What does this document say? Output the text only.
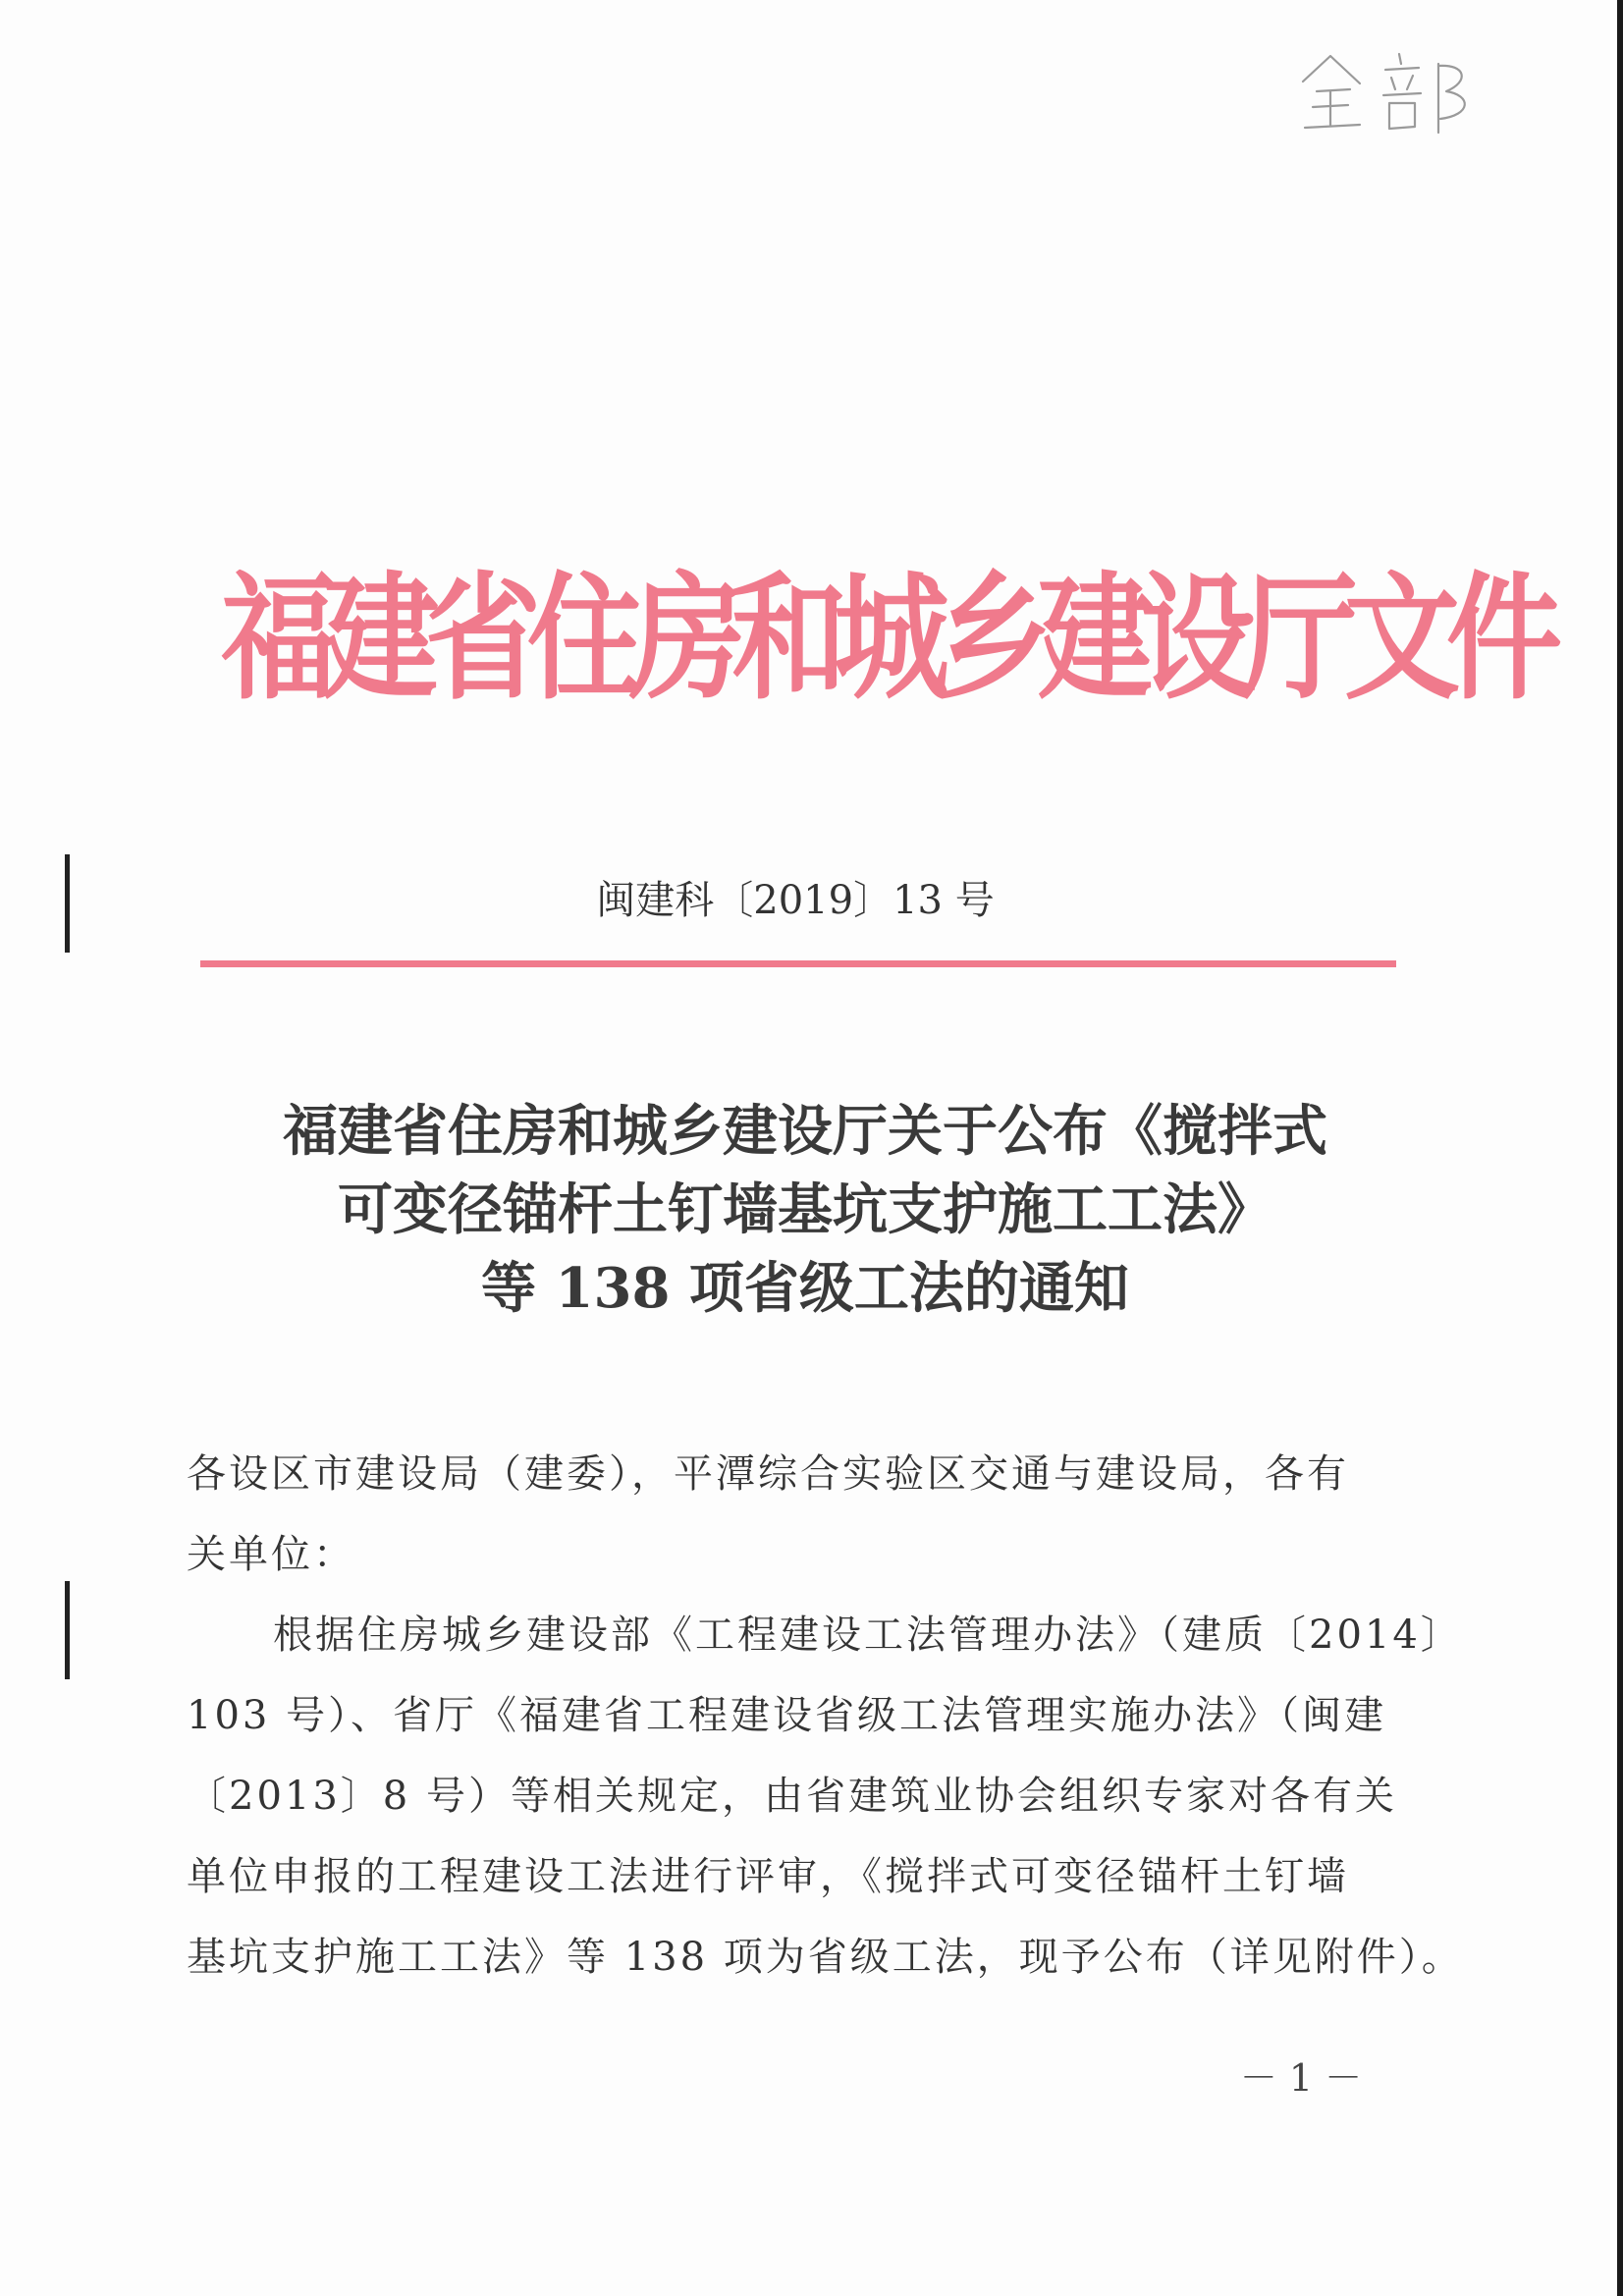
福建省住房和城乡建设厅文件
闽建科〔2019〕13 号
福建省住房和城乡建设厅关于公布《搅拌式
可变径锚杆土钉墙基坑支护施工工法》
等 138 项省级工法的通知

各设区市建设局（建委），平潭综合实验区交通与建设局，各有

关单位：

根据住房城乡建设部《工程建设工法管理办法》（建质〔2014〕

103 号）、省厅《福建省工程建设省级工法管理实施办法》（闽建

〔2013〕8 号）等相关规定，由省建筑业协会组织专家对各有关

单位申报的工程建设工法进行评审，《搅拌式可变径锚杆土钉墙

基坑支护施工工法》等 138 项为省级工法，现予公布（详见附件）。

－ 1 －
